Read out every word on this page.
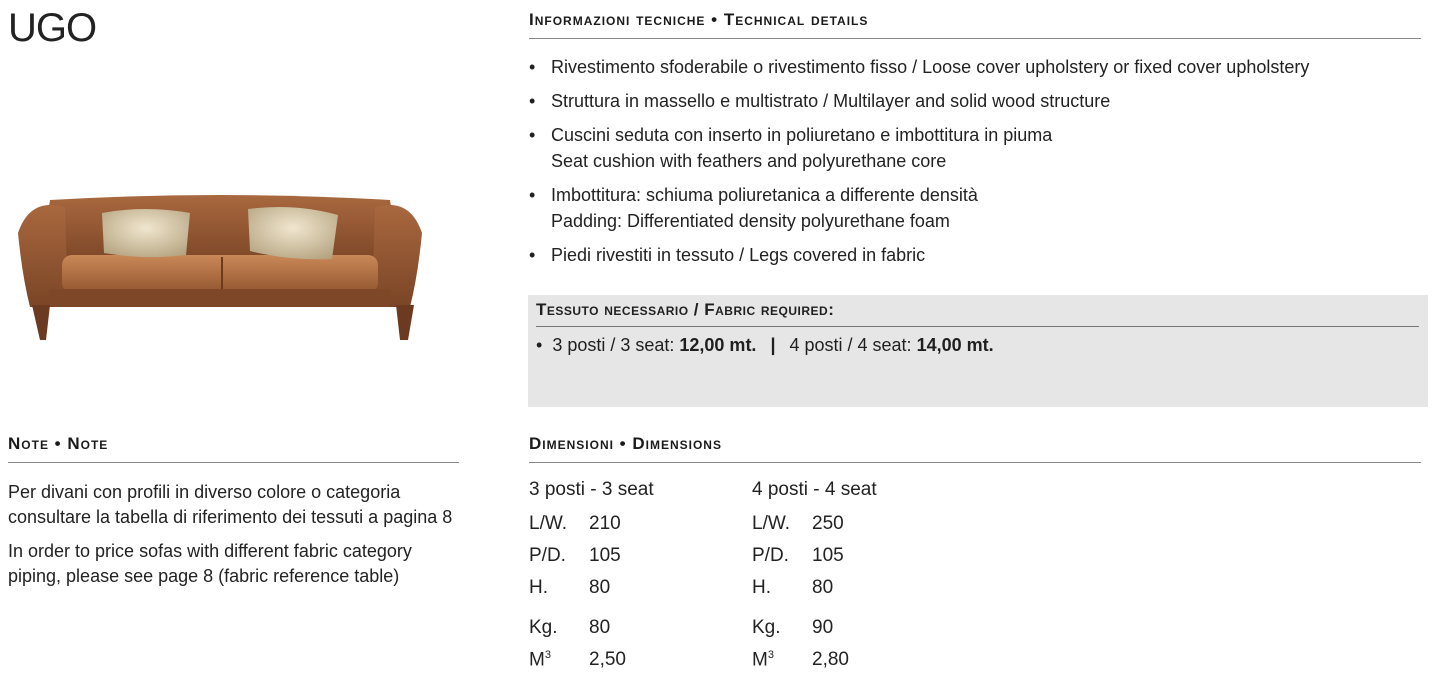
UGO	Informazioni tecniche • Technical details
• Rivestimento sfoderabile o rivestimento fisso / Loose cover upholstery or fixed cover upholstery
• Struttura in massello e multistrato / Multilayer and solid wood structure
• Cuscini seduta con inserto in poliuretano e imbottitura in piuma
Seat cushion with feathers and polyurethane core
• Imbottitura: schiuma poliuretanica a differente densità
Padding: Differentiated density polyurethane foam
• Piedi rivestiti in tessuto / Legs covered in fabric
Tessuto necessario / Fabric required:
•  3 posti / 3 seat: 12,00 mt. | 4 posti / 4 seat: 14,00 mt.
Note • Note

Per divani con profili in diverso colore o categoria consultare la tabella di riferimento dei tessuti a pagina 8

In order to price sofas with different fabric category piping, please see page 8 (fabric reference table)

Dimensioni • Dimensions
3 posti - 3 seat
L/W.	210
P/D.	105
H.	80
Kg.	80
$M^3$	2,50
4 posti - 4 seat
L/W.	250
P/D.	105
H.	80
Kg.	90
$M^3$	2,80
